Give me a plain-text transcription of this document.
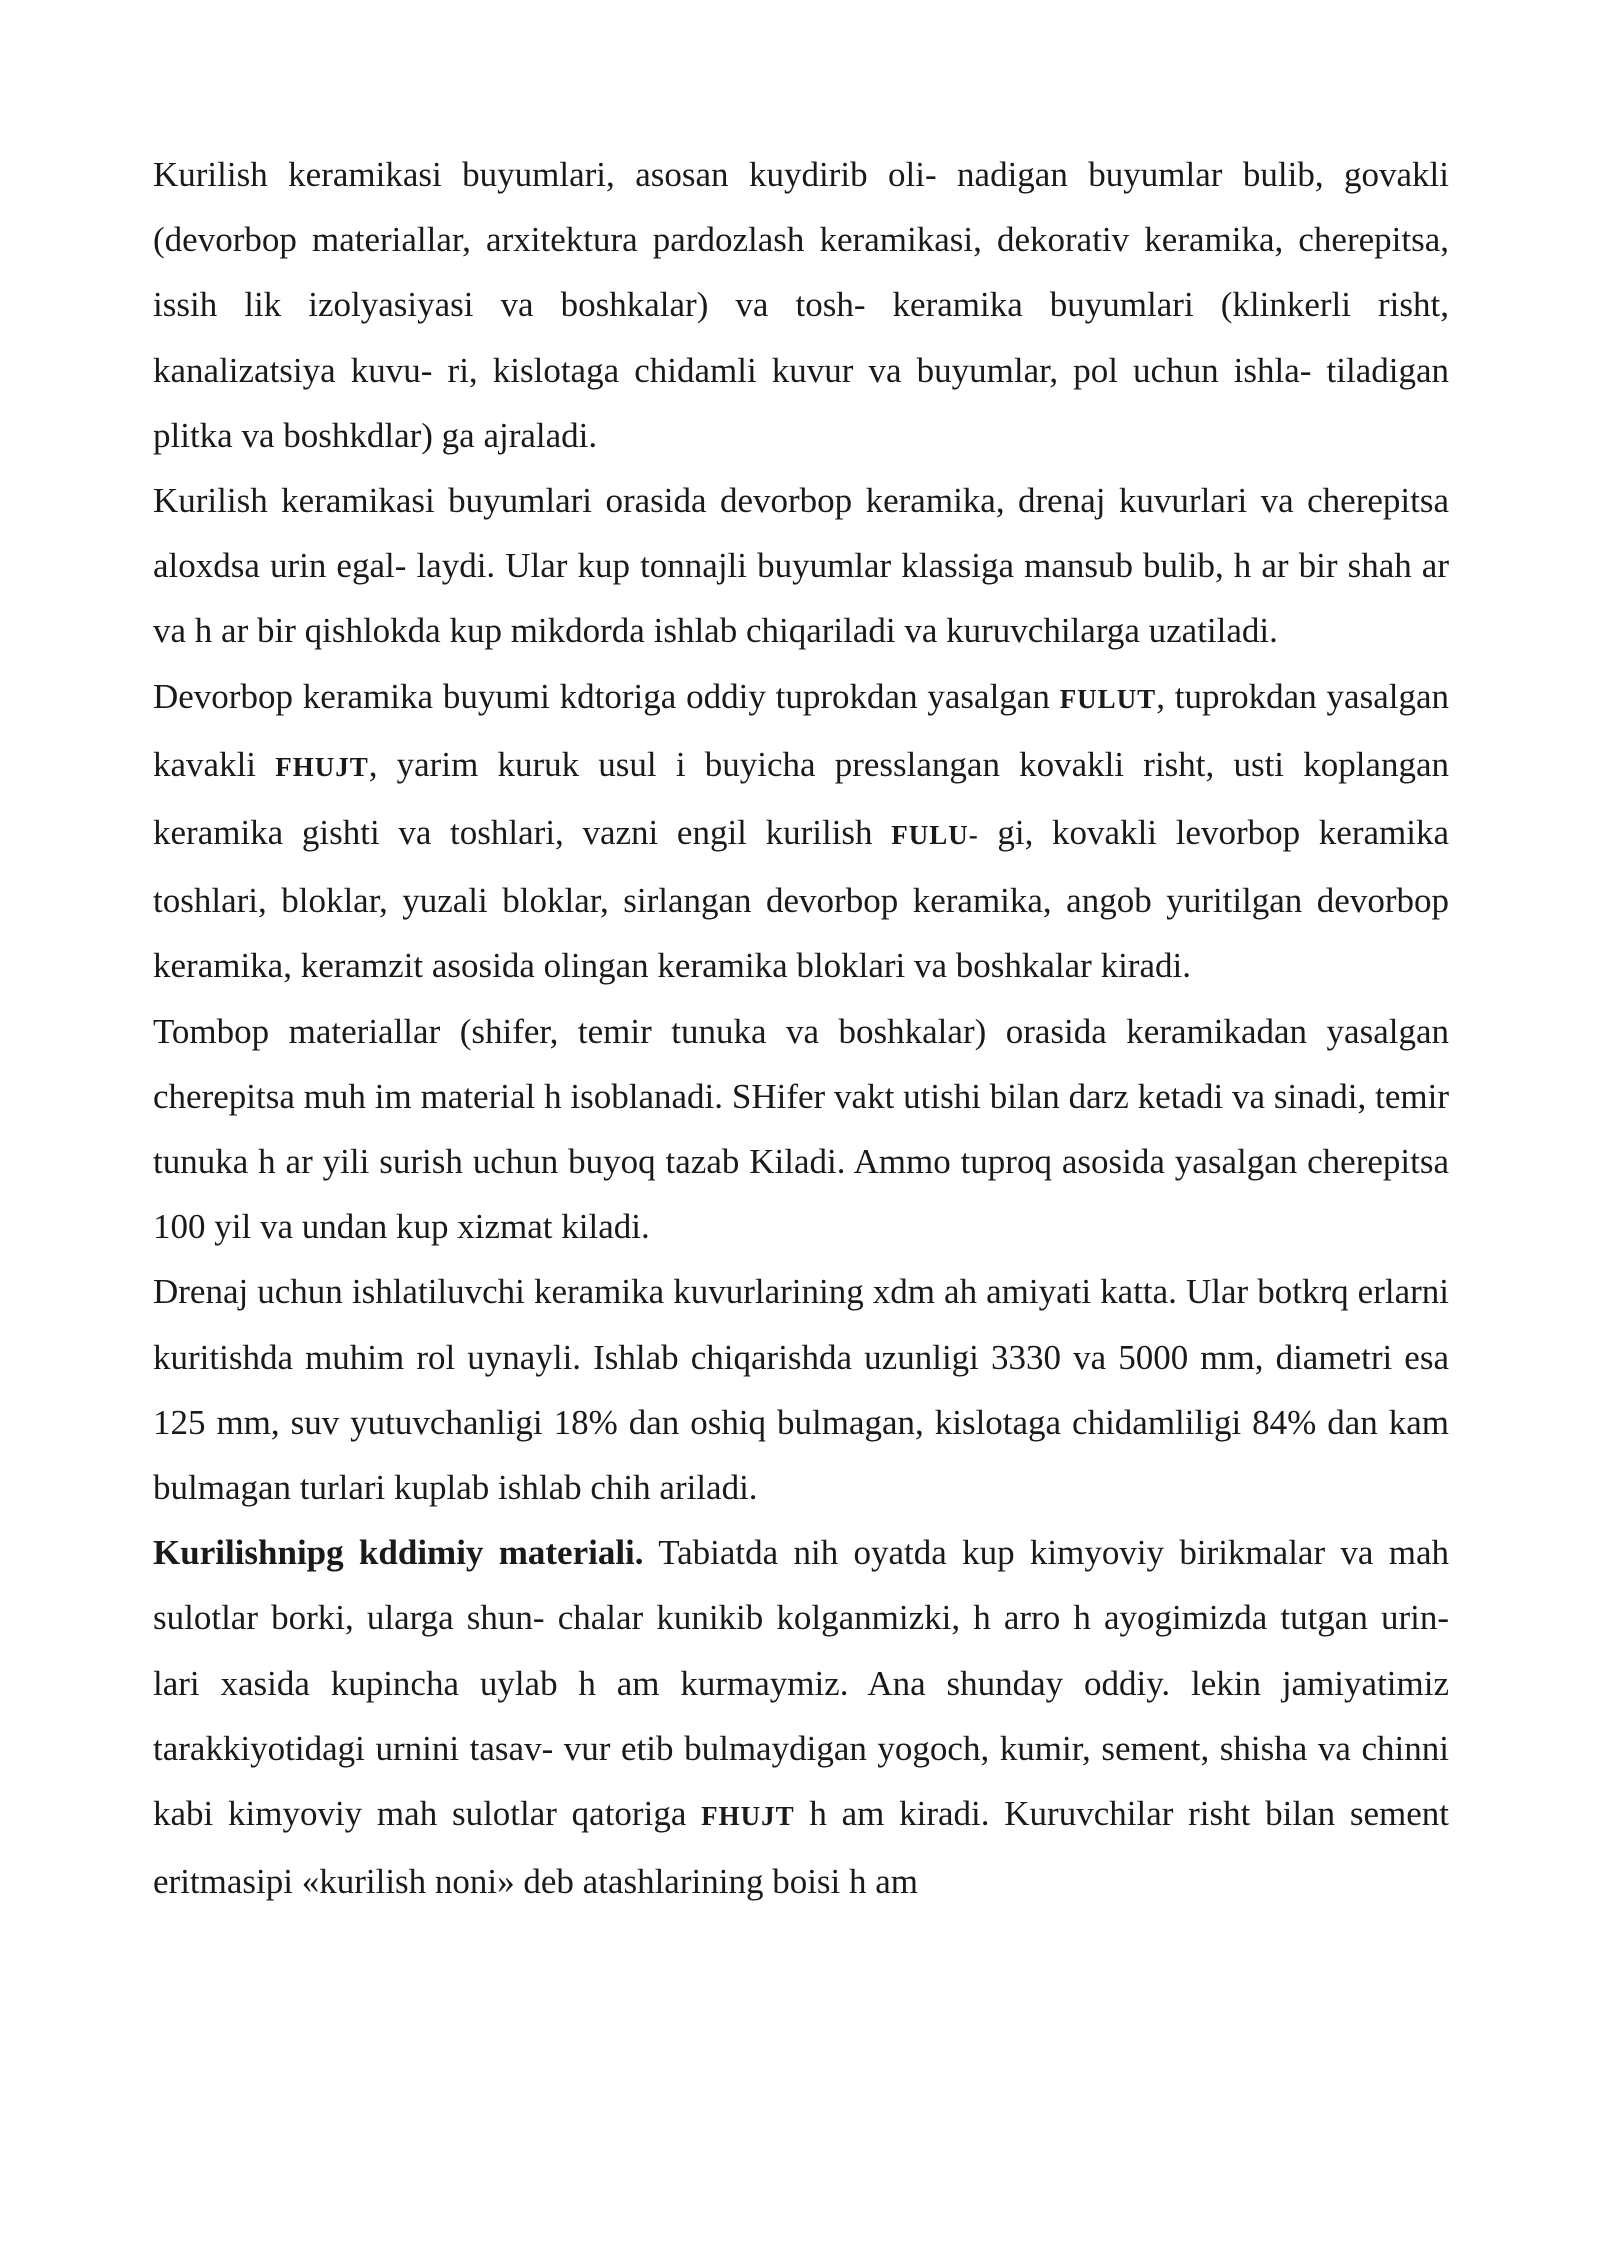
Kurilish keramikasi buyumlari, asosan kuydirib oli- nadigan buyumlar bulib, govakli (devorbop materiallar, arxitektura pardozlash keramikasi, dekorativ keramika, cherepitsa, issih lik izolyasiyasi va boshkalar) va tosh- keramika buyumlari (klinkerli risht, kanalizatsiya kuvu- ri, kislotaga chidamli kuvur va buyumlar, pol uchun ishla- tiladigan plitka va boshkdlar) ga ajraladi.

Kurilish keramikasi buyumlari orasida devorbop keramika, drenaj kuvurlari va cherepitsa aloxdsa urin egal- laydi. Ular kup tonnajli buyumlar klassiga mansub bulib, h ar bir shah ar va h ar bir qishlokda kup mikdorda ishlab chiqariladi va kuruvchilarga uzatiladi.

Devorbop keramika buyumi kdtoriga oddiy tuprokdan yasalgan FULUT, tuprokdan yasalgan kavakli FHUJT, yarim kuruk usul i buyicha presslangan kovakli risht, usti koplangan keramika gishti va toshlari, vazni engil kurilish FULU- gi, kovakli levorbop keramika toshlari, bloklar, yuzali bloklar, sirlangan devorbop keramika, angob yuritilgan devorbop keramika, keramzit asosida olingan keramika bloklari va boshkalar kiradi.

Tombop materiallar (shifer, temir tunuka va boshkalar) orasida keramikadan yasalgan cherepitsa muh im material h isoblanadi. SHifer vakt utishi bilan darz ketadi va sinadi, temir tunuka h ar yili surish uchun buyoq tazab Kiladi. Ammo tuproq asosida yasalgan cherepitsa 100 yil va undan kup xizmat kiladi.

Drenaj uchun ishlatiluvchi keramika kuvurlarining xdm ah amiyati katta. Ular botkrq erlarni kuritishda muhim rol uynayli. Ishlab chiqarishda uzunligi 3330 va 5000 mm, diametri esa 125 mm, suv yutuvchanligi 18% dan oshiq bulmagan, kislotaga chidamliligi 84% dan kam bulmagan turlari kuplab ishlab chih ariladi.

Kurilishnipg kddimiy materiali. Tabiatda nih oyatda kup kimyoviy birikmalar va mah sulotlar borki, ularga shun- chalar kunikib kolganmizki, h arro h ayogimizda tutgan urin- lari xasida kupincha uylab h am kurmaymiz. Ana shunday oddiy. lekin jamiyatimiz tarakkiyotidagi urnini tasav- vur etib bulmaydigan yogoch, kumir, sement, shisha va chinni kabi kimyoviy mah sulotlar qatoriga FHUJT h am kiradi. Kuruvchilar risht bilan sement eritmasipi «kurilish noni» deb atashlarining boisi h am
